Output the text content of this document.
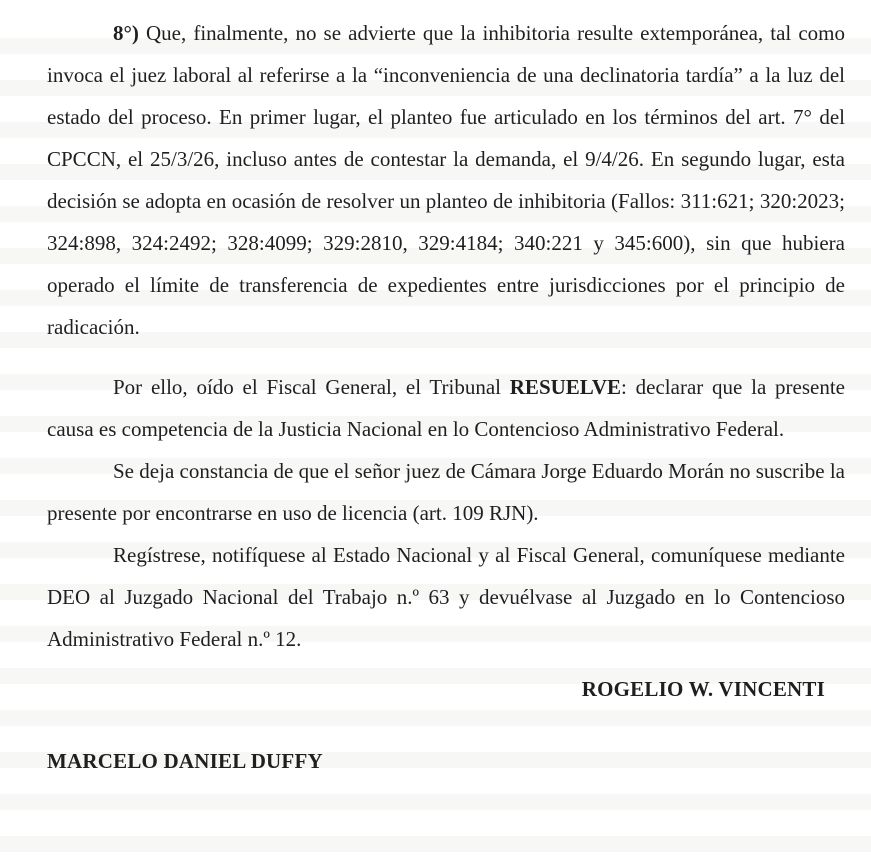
8°) Que, finalmente, no se advierte que la inhibitoria resulte extemporánea, tal como invoca el juez laboral al referirse a la “inconveniencia de una declinatoria tardía” a la luz del estado del proceso. En primer lugar, el planteo fue articulado en los términos del art. 7° del CPCCN, el 25/3/26, incluso antes de contestar la demanda, el 9/4/26. En segundo lugar, esta decisión se adopta en ocasión de resolver un planteo de inhibitoria (Fallos: 311:621; 320:2023; 324:898, 324:2492; 328:4099; 329:2810, 329:4184; 340:221 y 345:600), sin que hubiera operado el límite de transferencia de expedientes entre jurisdicciones por el principio de radicación.

Por ello, oído el Fiscal General, el Tribunal RESUELVE: declarar que la presente causa es competencia de la Justicia Nacional en lo Contencioso Administrativo Federal.

Se deja constancia de que el señor juez de Cámara Jorge Eduardo Morán no suscribe la presente por encontrarse en uso de licencia (art. 109 RJN).

Regístrese, notifíquese al Estado Nacional y al Fiscal General, comuníquese mediante DEO al Juzgado Nacional del Trabajo n.º 63 y devuélvase al Juzgado en lo Contencioso Administrativo Federal n.º 12.

ROGELIO W. VINCENTI

MARCELO DANIEL DUFFY
